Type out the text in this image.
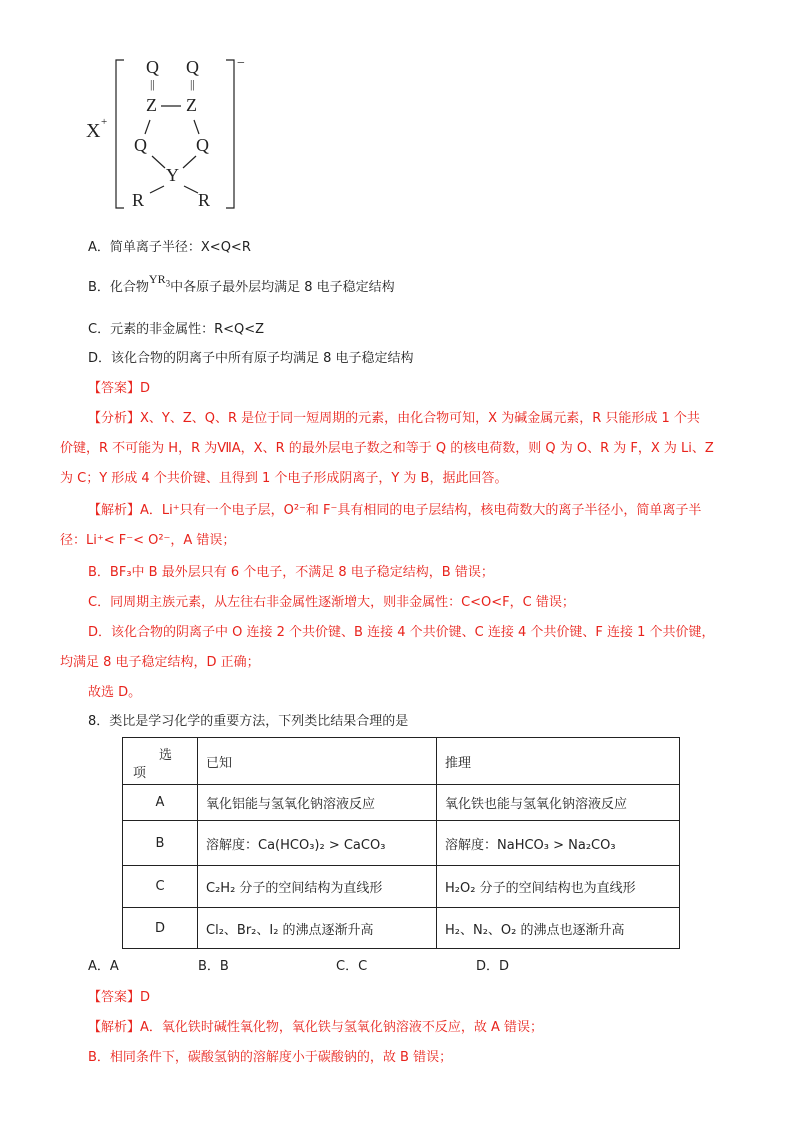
X +
−
Q Q
||	||
Z Z
Q	Q
Y
R	R
A．简单离子半径：X<Q<R
B．化合物$YR_3$中各原子最外层均满足 8 电子稳定结构
C．元素的非金属性：R<Q<Z
D．该化合物的阴离子中所有原子均满足 8 电子稳定结构
【答案】D
【分析】X、Y、Z、Q、R 是位于同一短周期的元素，由化合物可知，X 为碱金属元素，R 只能形成 1 个共
价键，R 不可能为 H，R 为ⅦA，X、R 的最外层电子数之和等于 Q 的核电荷数，则 Q 为 O、R 为 F，X 为 Li、Z
为 C；Y 形成 4 个共价键、且得到 1 个电子形成阴离子，Y 为 B，据此回答。
【解析】A．Li⁺只有一个电子层，O²⁻和 F⁻具有相同的电子层结构，核电荷数大的离子半径小，简单离子半
径：Li⁺< F⁻< O²⁻，A 错误；
B．BF₃中 B 最外层只有 6 个电子，不满足 8 电子稳定结构，B 错误；
C．同周期主族元素，从左往右非金属性逐渐增大，则非金属性：C<O<F，C 错误；
D．该化合物的阴离子中 O 连接 2 个共价键、B 连接 4 个共价键、C 连接 4 个共价键、F 连接 1 个共价键，
均满足 8 电子稳定结构，D 正确；
故选 D。
8．类比是学习化学的重要方法，下列类比结果合理的是
选
项	已知	推理
A	氧化铝能与氢氧化钠溶液反应	氧化铁也能与氢氧化钠溶液反应
B	溶解度：Ca(HCO₃)₂ > CaCO₃	溶解度：NaHCO₃ > Na₂CO₃
C	C₂H₂ 分子的空间结构为直线形	H₂O₂ 分子的空间结构也为直线形
D	Cl₂、Br₂、I₂ 的沸点逐渐升高	H₂、N₂、O₂ 的沸点也逐渐升高
A．A	B．B	C．C	D．D
【答案】D
【解析】A．氧化铁时碱性氧化物，氧化铁与氢氧化钠溶液不反应，故 A 错误；
B．相同条件下，碳酸氢钠的溶解度小于碳酸钠的，故 B 错误；
